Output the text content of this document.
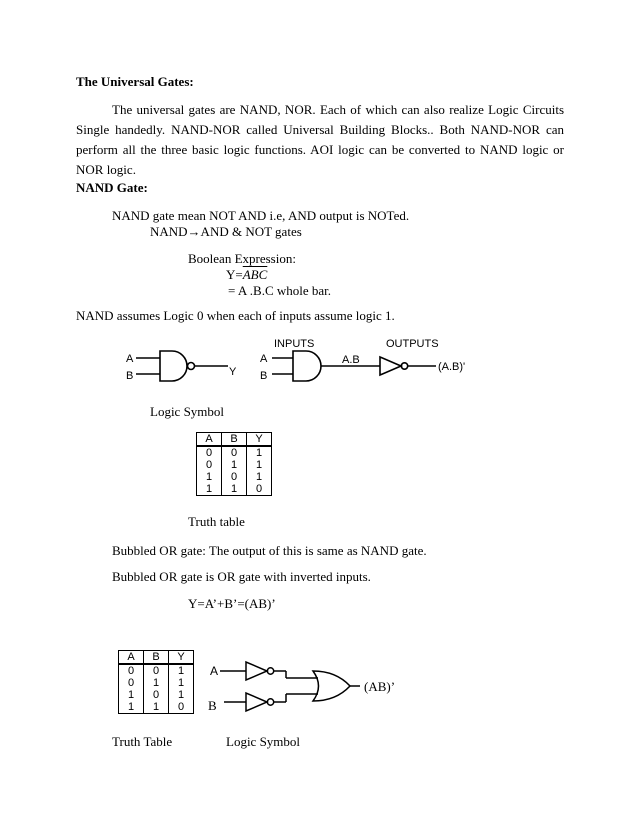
The Universal Gates:
The universal gates are NAND, NOR. Each of which can also realize Logic Circuits Single handedly. NAND-NOR called Universal Building Blocks.. Both NAND-NOR can perform all the three basic logic functions. AOI logic can be converted to NAND logic or NOR logic.
NAND Gate:
NAND gate mean NOT AND i.e, AND output is NOTed.
NAND→AND & NOT gates
Boolean Expression:
$Y=\overline{ABC}$
= A .B.C whole bar.
NAND assumes Logic 0 when each of inputs assume logic 1.
A
B	Y
INPUTS
A
B
A.B
OUTPUTS
(A.B)'
Logic Symbol
A	B	Y
0	0	1
0	1	1
1	0	1
1	1	0
Truth table
Bubbled OR gate: The output of this is same as NAND gate.
Bubbled OR gate is OR gate with inverted inputs.
Y=A’+B’=(AB)’
A	B	Y
0	0	1
0	1	1
1	0	1
1	1	0
A
B
(AB)’
Truth Table	Logic Symbol
